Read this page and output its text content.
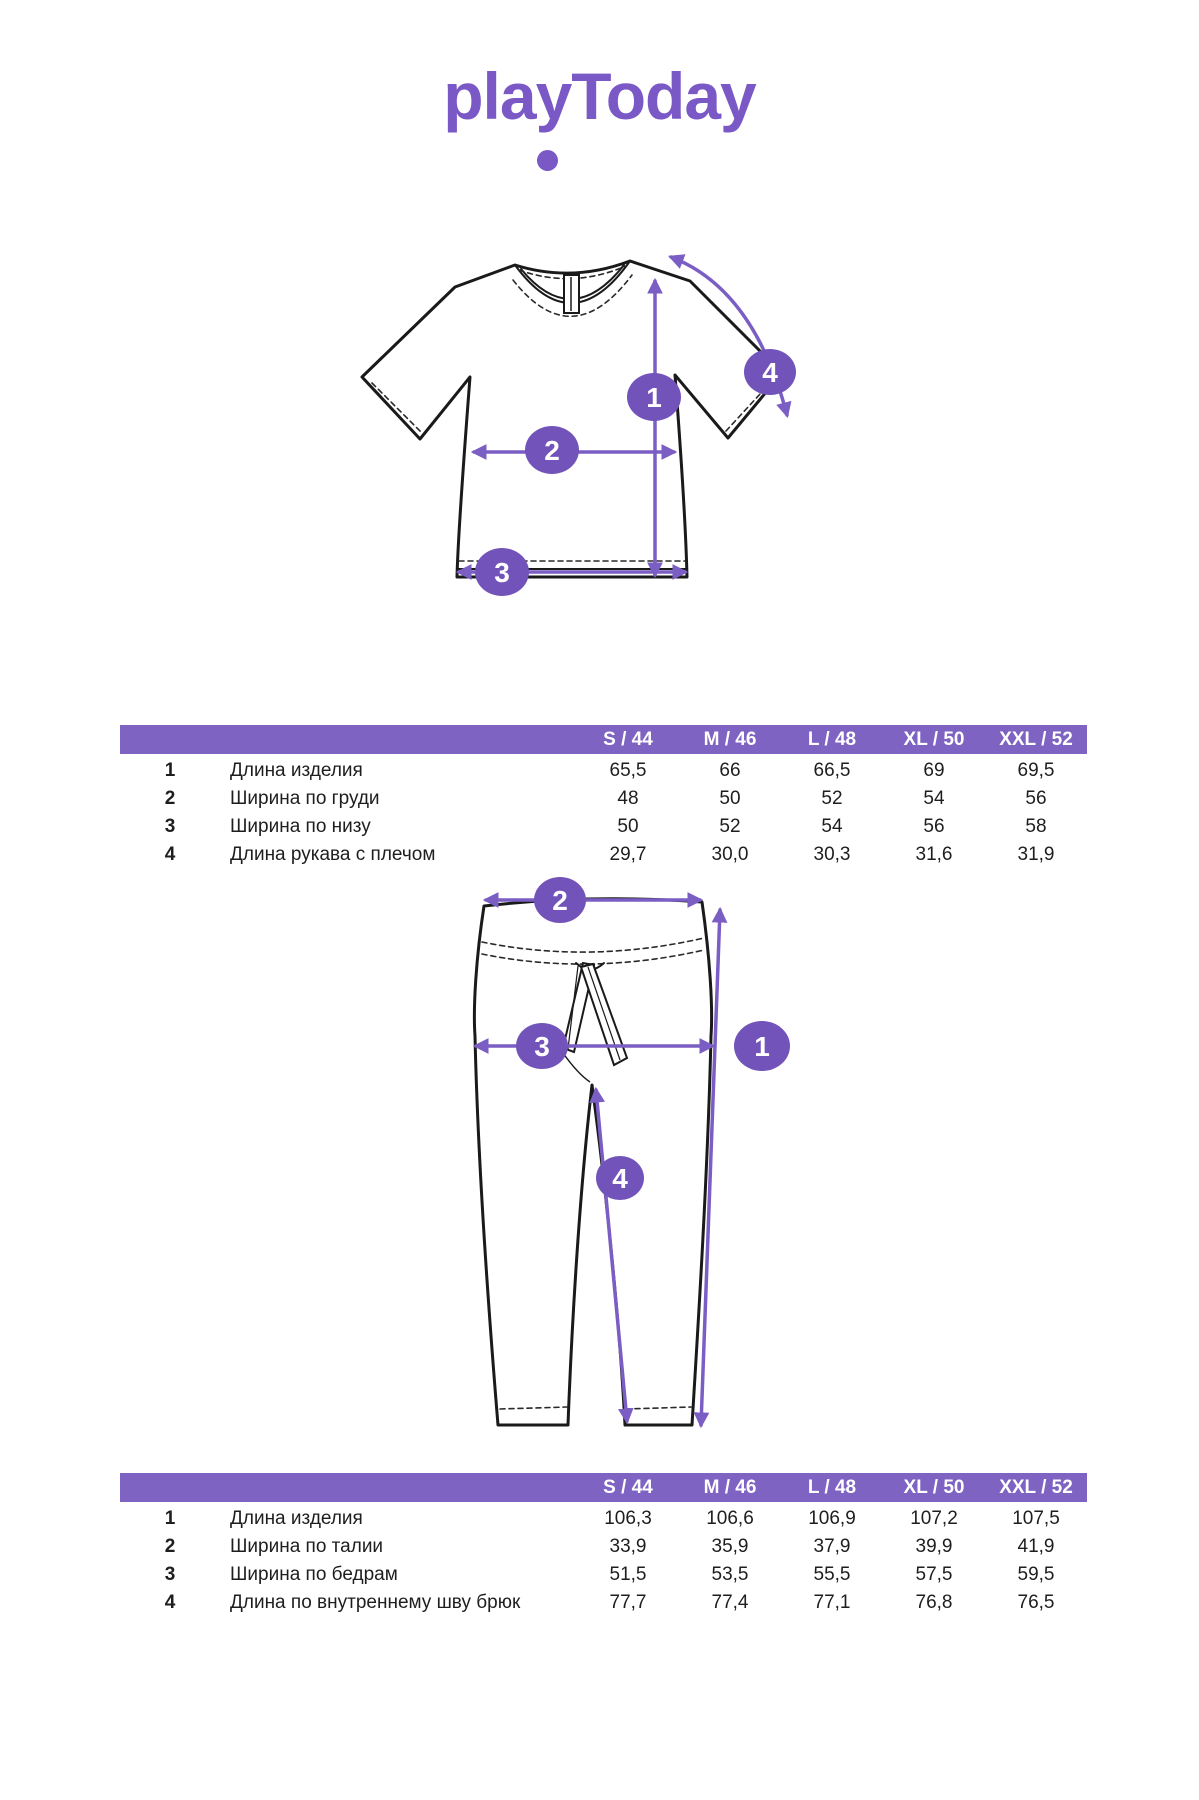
playToday
1
2
3
4
S / 44	M / 46	L / 48	XL / 50	XXL / 52
1	Длина изделия	65,5	66	66,5	69	69,5
2	Ширина по груди	48	50	52	54	56
3	Ширина по низу	50	52	54	56	58
4	Длина рукава с плечом	29,7	30,0	30,3	31,6	31,9
2
3	1
4
S / 44	M / 46	L / 48	XL / 50	XXL / 52
1	Длина изделия	106,3	106,6	106,9	107,2	107,5
2	Ширина по талии	33,9	35,9	37,9	39,9	41,9
3	Ширина по бедрам	51,5	53,5	55,5	57,5	59,5
4	Длина по внутреннему шву брюк	77,7	77,4	77,1	76,8	76,5
